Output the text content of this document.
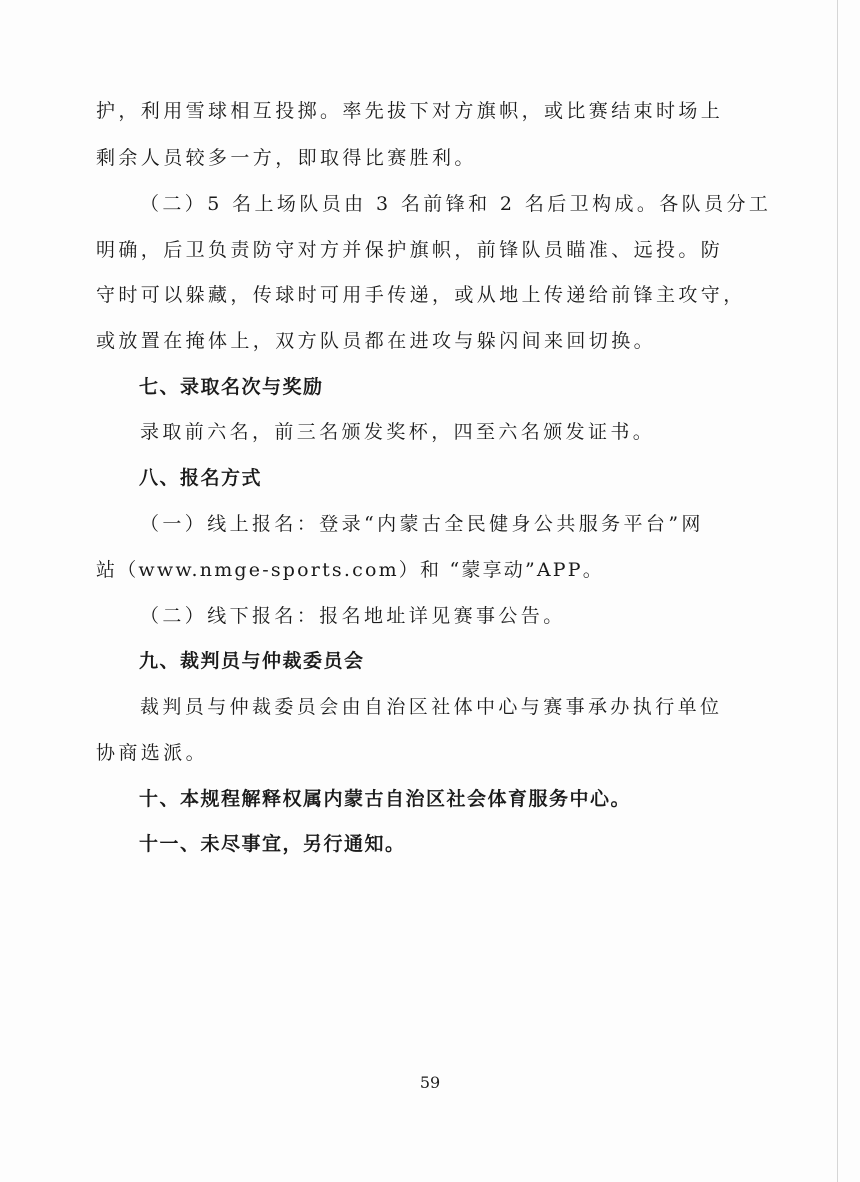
护，利用雪球相互投掷。率先拔下对方旗帜，或比赛结束时场上
剩余人员较多一方，即取得比赛胜利。
（二）5 名上场队员由 3 名前锋和 2 名后卫构成。各队员分工
明确，后卫负责防守对方并保护旗帜，前锋队员瞄准、远投。防
守时可以躲藏，传球时可用手传递，或从地上传递给前锋主攻守，
或放置在掩体上，双方队员都在进攻与躲闪间来回切换。
七、录取名次与奖励
录取前六名，前三名颁发奖杯，四至六名颁发证书。
八、报名方式
（一）线上报名：登录“内蒙古全民健身公共服务平台”网
站（www.nmge-sports.com）和 “蒙享动”APP。
（二）线下报名：报名地址详见赛事公告。
九、裁判员与仲裁委员会
裁判员与仲裁委员会由自治区社体中心与赛事承办执行单位
协商选派。
十、本规程解释权属内蒙古自治区社会体育服务中心。
十一、未尽事宜，另行通知。
59
